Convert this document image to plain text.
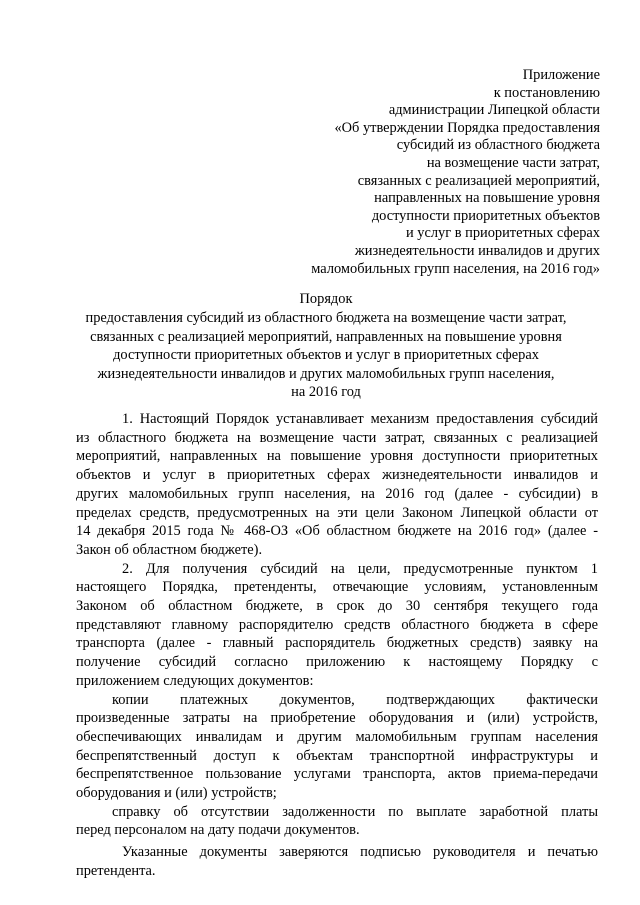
Приложение
к постановлению
администрации Липецкой области
«Об утверждении Порядка предоставления
субсидий из областного бюджета
на возмещение части затрат,
связанных с реализацией мероприятий,
направленных на повышение уровня
доступности приоритетных объектов
и услуг в приоритетных сферах
жизнедеятельности инвалидов и других
маломобильных групп населения, на 2016 год»
Порядок
предоставления субсидий из областного бюджета на возмещение части затрат,
связанных с реализацией мероприятий, направленных на повышение уровня
доступности приоритетных объектов и услуг в приоритетных сферах
жизнедеятельности инвалидов и других маломобильных групп населения,
на 2016 год
1. Настоящий Порядок устанавливает механизм предоставления субсидий
из областного бюджета на возмещение части затрат, связанных с реализацией
мероприятий, направленных на повышение уровня доступности приоритетных
объектов и услуг в приоритетных сферах жизнедеятельности инвалидов и
других маломобильных групп населения, на 2016 год (далее - субсидии) в
пределах средств, предусмотренных на эти цели Законом Липецкой области от
14 декабря 2015 года № 468-ОЗ «Об областном бюджете на 2016 год» (далее -
Закон об областном бюджете).
2. Для получения субсидий на цели, предусмотренные пунктом 1
настоящего Порядка, претенденты, отвечающие условиям, установленным
Законом об областном бюджете, в срок до 30 сентября текущего года
представляют главному распорядителю средств областного бюджета в сфере
транспорта (далее - главный распорядитель бюджетных средств) заявку на
получение субсидий согласно приложению к настоящему Порядку с
приложением следующих документов:
копии платежных документов, подтверждающих фактически
произведенные затраты на приобретение оборудования и (или) устройств,
обеспечивающих инвалидам и другим маломобильным группам населения
беспрепятственный доступ к объектам транспортной инфраструктуры и
беспрепятственное пользование услугами транспорта, актов приема-передачи
оборудования и (или) устройств;
справку об отсутствии задолженности по выплате заработной платы
перед персоналом на дату подачи документов.
Указанные документы заверяются подписью руководителя и печатью
претендента.
